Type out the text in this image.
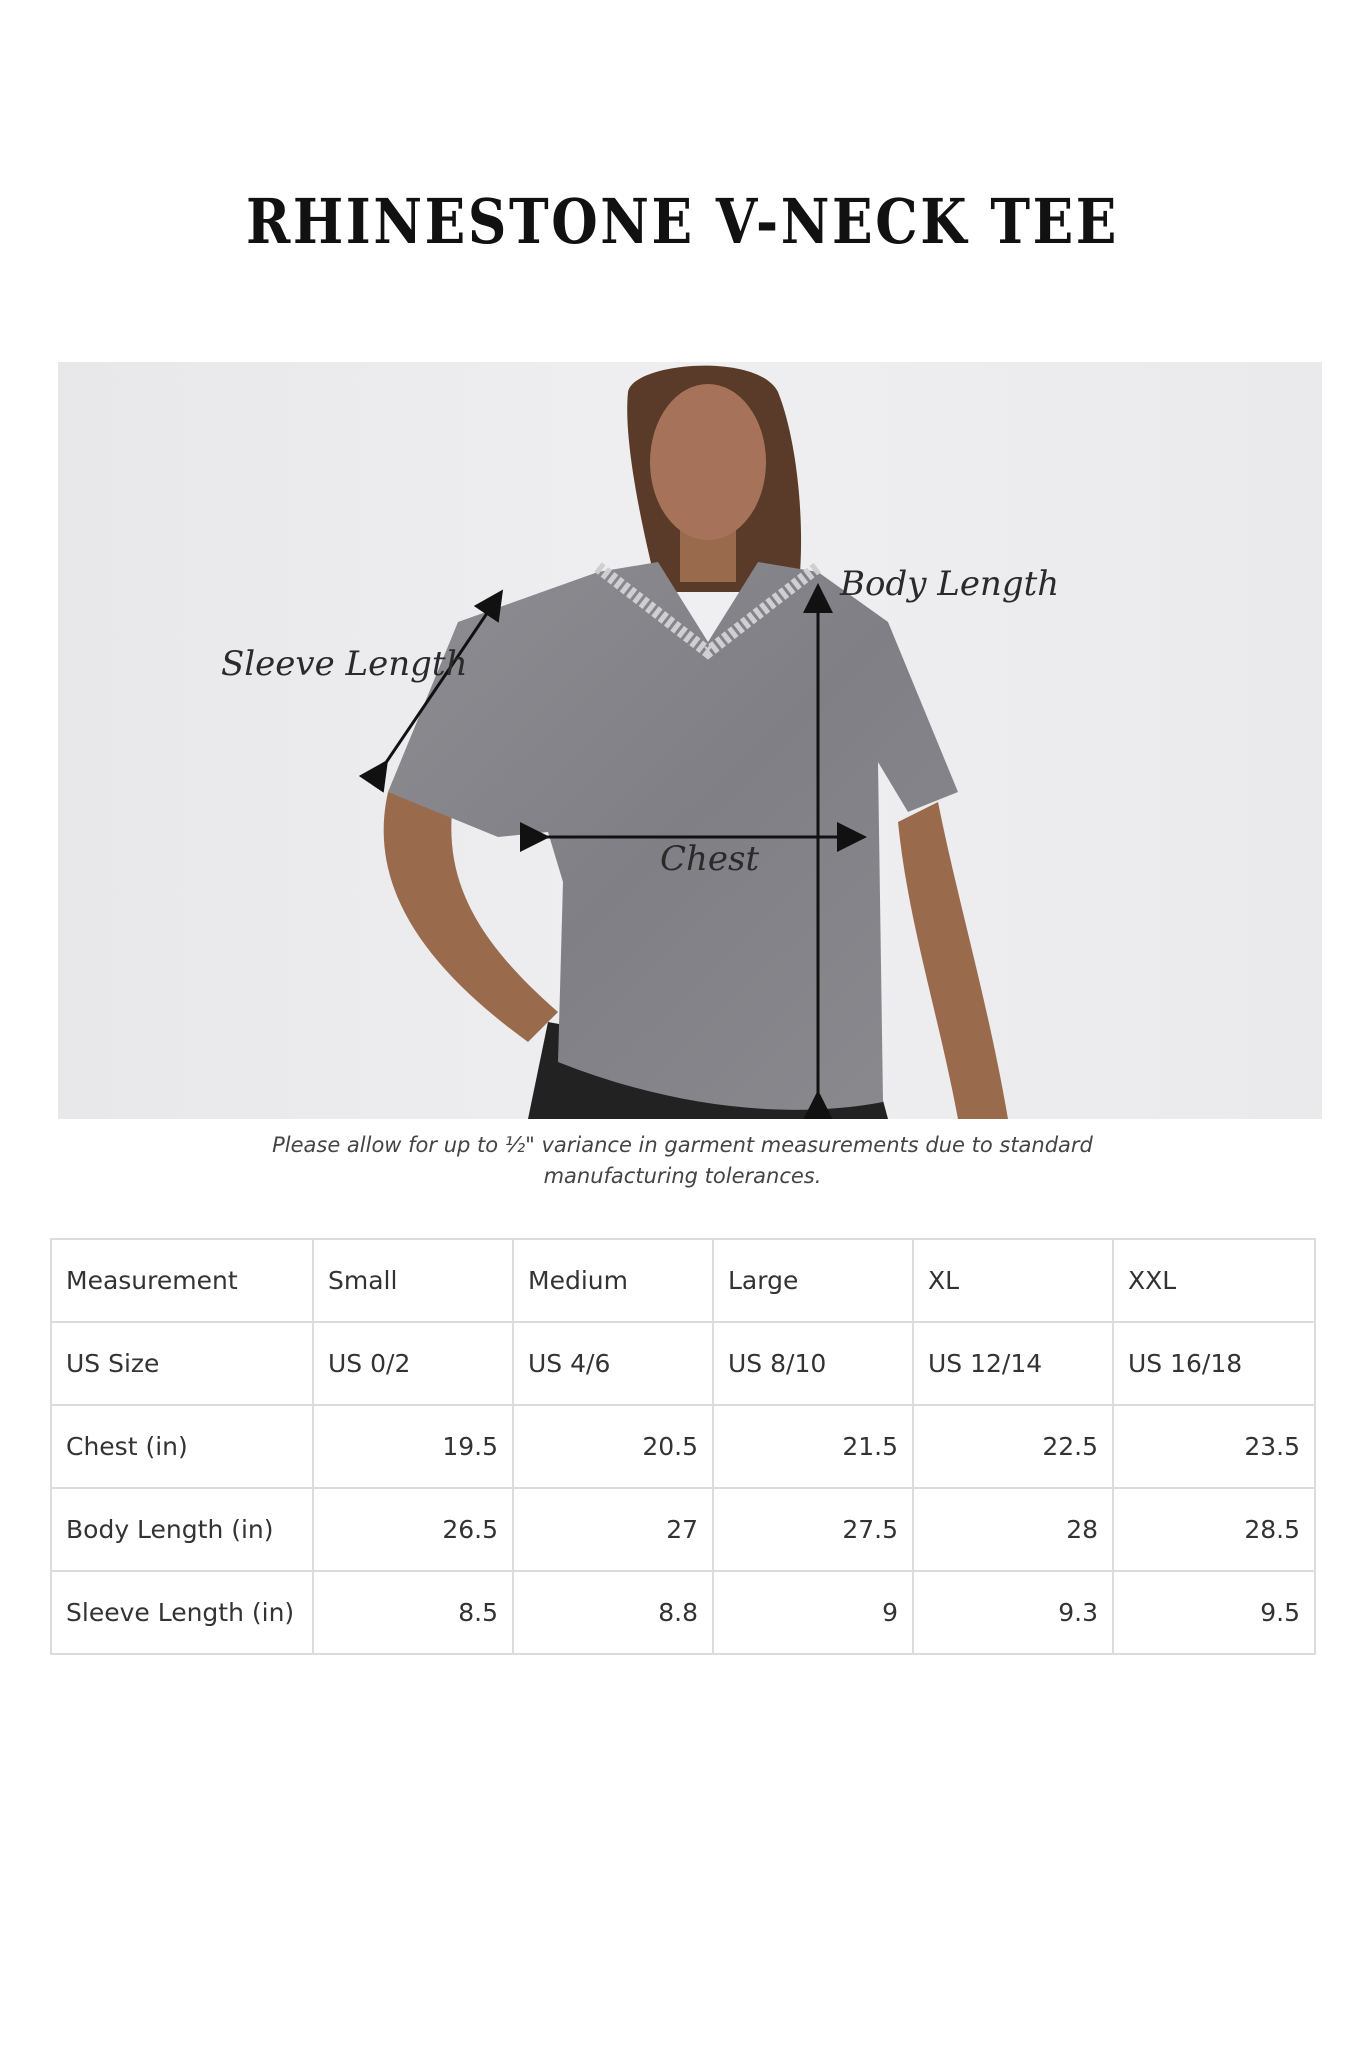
RHINESTONE V-NECK TEE
Sleeve Length
Body Length
Chest
Please allow for up to ½" variance in garment measurements due to standard
manufacturing tolerances.
Measurement	Small	Medium	Large	XL	XXL
US Size	US 0/2	US 4/6	US 8/10	US 12/14	US 16/18
Chest (in)	19.5	20.5	21.5	22.5	23.5
Body Length (in)	26.5	27	27.5	28	28.5
Sleeve Length (in)	8.5	8.8	9	9.3	9.5
